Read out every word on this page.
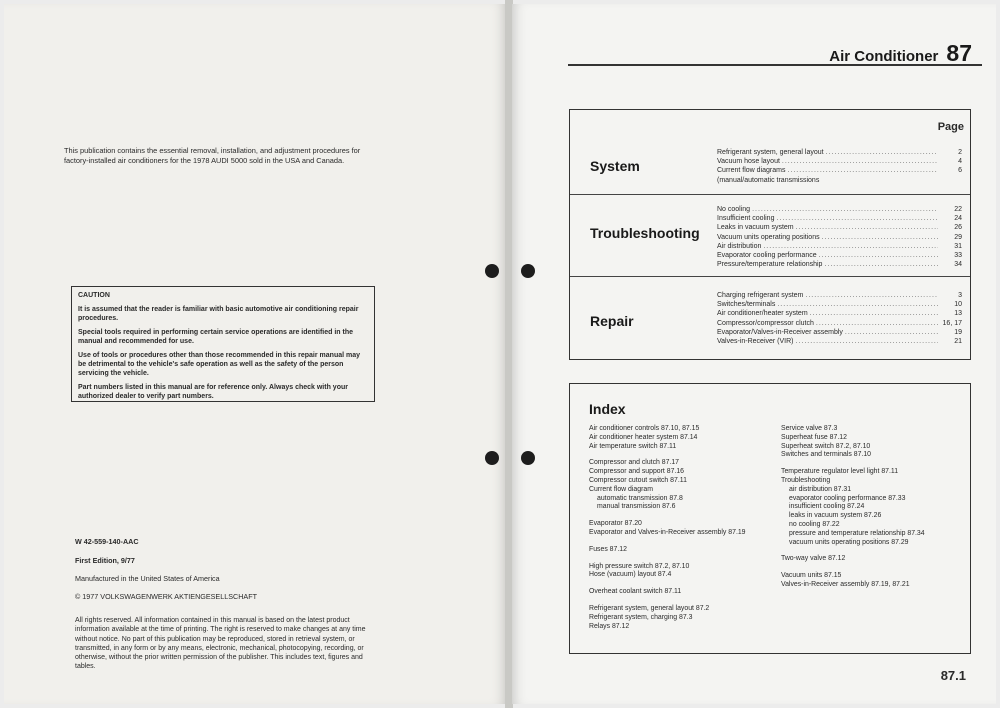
This publication contains the essential removal, installation, and adjustment procedures for factory-installed air conditioners for the 1978 AUDI 5000 sold in the USA and Canada.
CAUTION

It is assumed that the reader is familiar with basic automotive air conditioning repair procedures.

Special tools required in performing certain service operations are identified in the manual and recommended for use.

Use of tools or procedures other than those recommended in this repair manual may be detrimental to the vehicle's safe operation as well as the safety of the person servicing the vehicle.

Part numbers listed in this manual are for reference only. Always check with your authorized dealer to verify part numbers.

W 42-559-140-AAC
First Edition, 9/77
Manufactured in the United States of America
© 1977 VOLKSWAGENWERK AKTIENGESELLSCHAFT
All rights reserved. All information contained in this manual is based on the latest product information available at the time of printing. The right is reserved to make changes at any time without notice. No part of this publication may be reproduced, stored in retrieval system, or transmitted, in any form or by any means, electronic, mechanical, photocopying, recording, or otherwise, without the prior written permission of the publisher. This includes text, figures and tables.
Air Conditioner 87
Page
System
Refrigerant system, general layout .....	2
Vacuum hose layout .....	4
Current flow diagrams .....	6
(manual/automatic transmissions
Troubleshooting
No cooling .....	22
Insufficient cooling .....	24
Leaks in vacuum system .....	26
Vacuum units operating positions .....	29
Air distribution .....	31
Evaporator cooling performance .....	33
Pressure/temperature relationship .....	34
Repair
Charging refrigerant system .....	3
Switches/terminals .....	10
Air conditioner/heater system .....	13
Compressor/compressor clutch .....	16, 17
Evaporator/Valves-in-Receiver assembly .....	19
Valves-in-Receiver (VIR) .....	21
Index
Air conditioner controls 87.10, 87.15
Air conditioner heater system 87.14
Air temperature switch 87.11
Compressor and clutch 87.17
Compressor and support 87.16
Compressor cutout switch 87.11
Current flow diagram
automatic transmission 87.8
manual transmission 87.6
Evaporator 87.20
Evaporator and Valves-in-Receiver assembly 87.19
Fuses 87.12
High pressure switch 87.2, 87.10
Hose (vacuum) layout 87.4
Overheat coolant switch 87.11
Refrigerant system, general layout 87.2
Refrigerant system, charging 87.3
Relays 87.12
Service valve 87.3
Superheat fuse 87.12
Superheat switch 87.2, 87.10
Switches and terminals 87.10
Temperature regulator level light 87.11
Troubleshooting
air distribution 87.31
evaporator cooling performance 87.33
insufficient cooling 87.24
leaks in vacuum system 87.26
no cooling 87.22
pressure and temperature relationship 87.34
vacuum units operating positions 87.29
Two-way valve 87.12
Vacuum units 87.15
Valves-in-Receiver assembly 87.19, 87.21
87.1
